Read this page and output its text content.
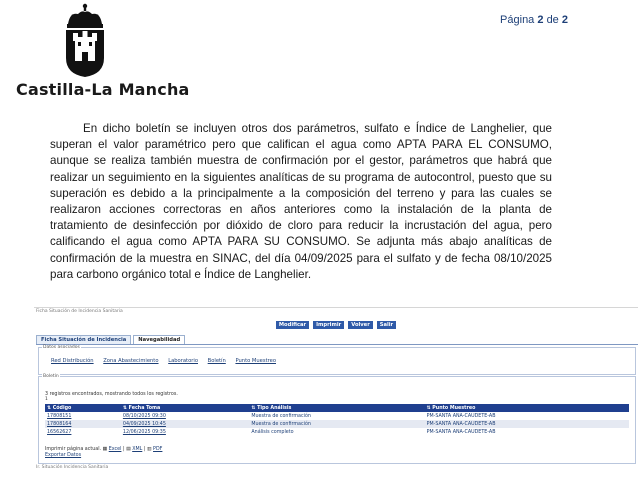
Castilla-La Mancha
Página 2 de 2
En dicho boletín se incluyen otros dos parámetros, sulfato e Índice de Langhelier, que superan el valor paramétrico pero que califican el agua como APTA PARA EL CONSUMO, aunque se realiza también muestra de confirmación por el gestor, parámetros que habrá que realizar un seguimiento en la siguientes analíticas de su programa de autocontrol, puesto que su superación es debido a la principalmente a la composición del terreno y para las cuales se realizaron acciones correctoras en años anteriores como la instalación de la planta de tratamiento de desinfección por dióxido de cloro para reducir la incrustación del agua, pero calificando el agua como APTA PARA SU CONSUMO. Se adjunta más abajo analíticas de confirmación de la muestra en SINAC, del día 04/09/2025 para el sulfato y de fecha 08/10/2025 para carbono orgánico total e Índice de Langhelier.
Ficha Situación de Incidencia Sanitaria
Modificar Imprimir Volver Salir
Ficha Situación de Incidencia Navegabilidad
Datos asociados
Red Distribución Zona Abastecimiento Laboratorio Boletín Punto Muestreo
Boletín
3 registros encontrados, mostrando todos los registros.
1
⇅ Código	⇅ Fecha Toma	⇅ Tipo Análisis	⇅ Punto Muestreo
17808151	08/10/2025 09:30	Muestra de confirmación	PM-SANTA ANA-CAUDETE-AB
17808164	04/09/2025 10:45	Muestra de confirmación	PM-SANTA ANA-CAUDETE-AB
16562627	12/06/2025 09:35	Análisis completo	PM-SANTA ANA-CAUDETE-AB
Imprimir página actual. ▦ Excel | ▤ XML | ▥ PDF
Exportar Datos
Ir. Situación Incidencia Sanitaria
